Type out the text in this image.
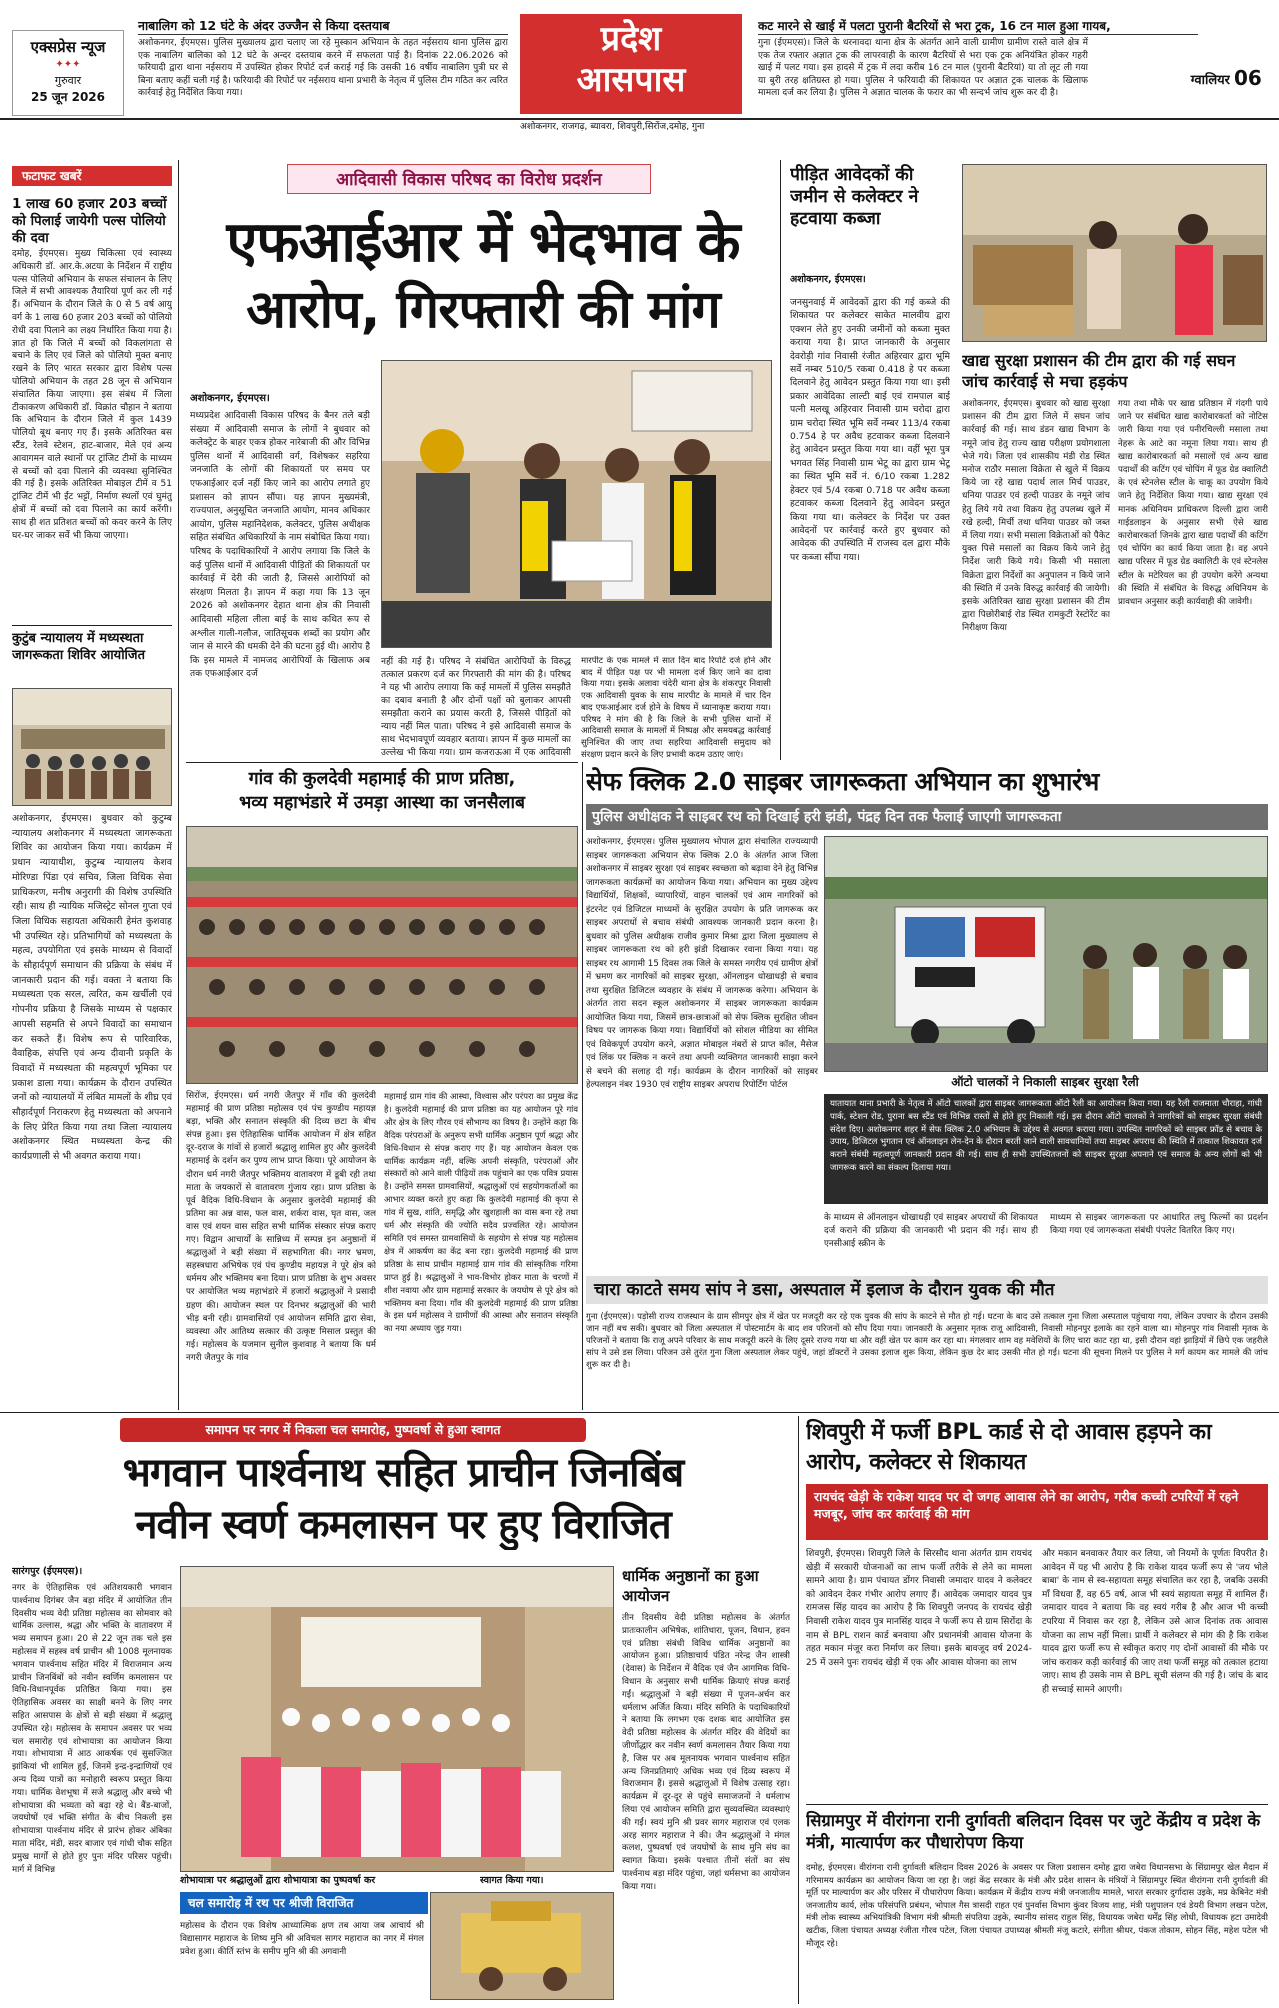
एक्सप्रेस न्यूज
✦✦✦
गुरुवार
25 जून 2026
नाबालिग को 12 घंटे के अंदर उज्जैन से किया दस्तयाब
अशोकनगर, ईएमएस। पुलिस मुख्यालय द्वारा चलाए जा रहे मुस्कान अभियान के तहत नईसराय थाना पुलिस द्वारा एक नाबालिग बालिका को 12 घंटे के अन्दर दस्तयाब करने में सफलता पाई है। दिनांक 22.06.2026 को फरियादी द्वारा थाना नईसराय में उपस्थित होकर रिपोर्ट दर्ज कराई गई कि उसकी 16 वर्षीय नाबालिग पुत्री घर से बिना बताए कहीं चली गई है। फरियादी की रिपोर्ट पर नईसराय थाना प्रभारी के नेतृत्व में पुलिस टीम गठित कर त्वरित कार्रवाई हेतु निर्देशित किया गया।
प्रदेश
आसपास
कट मारने से खाई में पलटा पुरानी बैटरियों से भरा ट्रक, 16 टन माल हुआ गायब,
गुना (ईएमएस)। जिले के धरनावदा थाना क्षेत्र के अंतर्गत आने वाली ग्रामीण ग्रामीण रास्ते वाले क्षेत्र में एक तेज रफ्तार अज्ञात ट्रक की लापरवाही के कारण बैटरियों से भरा एक ट्रक अनियंत्रित होकर गहरी खाई में पलट गया। इस हादसे में ट्रक में लदा करीब 16 टन माल (पुरानी बैटरियां) या तो लूट ली गया या बुरी तरह क्षतिग्रस्त हो गया। पुलिस ने फरियादी की शिकायत पर अज्ञात ट्रक चालक के खिलाफ मामला दर्ज कर लिया है। पुलिस ने अज्ञात चालक के फरार का भी सन्दर्भ जांच शुरू कर दी है।
ग्वालियर 06
अशोकनगर, राजगढ़, ब्यावरा, शिवपुरी,सिरोंज,दमोह, गुना
फटाफट खबरें
1 लाख 60 हजार 203 बच्चों को पिलाई जायेगी पल्स पोलियो की दवा
दमोह, ईएमएस। मुख्य चिकित्सा एवं स्वास्थ्य अधिकारी डॉ. आर.के.अटया के निर्देशन में राष्ट्रीय पल्स पोलियो अभियान के सफल संचालन के लिए जिले में सभी आवश्यक तैयारियां पूर्ण कर ली गई हैं। अभियान के दौरान जिले के 0 से 5 वर्ष आयु वर्ग के 1 लाख 60 हजार 203 बच्चों को पोलियो रोधी दवा पिलाने का लक्ष्य निर्धारित किया गया है। ज्ञात हो कि जिले में बच्चों को विकलांगता से बचाने के लिए एवं जिले को पोलियो मुक्त बनाए रखने के लिए भारत सरकार द्वारा विशेष पल्स पोलियो अभियान के तहत 28 जून से अभियान संचालित किया जाएगा। इस संबंध में जिला टीकाकरण अधिकारी डॉ. विक्रांत चौहान ने बताया कि अभियान के दौरान जिले में कुल 1439 पोलियो बूथ बनाए गए हैं। इसके अतिरिक्त बस स्टैंड, रेलवे स्टेशन, हाट-बाजार, मेले एवं अन्य आवागमन वाले स्थानों पर ट्रांजिट टीमों के माध्यम से बच्चों को दवा पिलाने की व्यवस्था सुनिश्चित की गई है। इसके अतिरिक्त मोबाइल टीमें व 51 ट्रांजिट टीमें भी ईंट भट्टों, निर्माण स्थलों एवं घुमंतु क्षेत्रों में बच्चों को दवा पिलाने का कार्य करेंगी। साथ ही शत प्रतिशत बच्चों को कवर करने के लिए घर-घर जाकर सर्वे भी किया जाएगा।
कुटुंब न्यायालय में मध्यस्थता जागरूकता शिविर आयोजित
अशोकनगर, ईएमएस। बुधवार को कुटुम्ब न्यायालय अशोकनगर में मध्यस्थता जागरूकता शिविर का आयोजन किया गया। कार्यक्रम में प्रधान न्यायाधीश, कुटुम्ब न्यायालय केशव मोरिण्डा पिंडा एवं सचिव, जिला विधिक सेवा प्राधिकरण, मनीष अनुरागी की विशेष उपस्थिति रही। साथ ही न्यायिक मजिस्ट्रेट सोनल गुप्ता एवं जिला विधिक सहायता अधिकारी हेमंत कुशवाह भी उपस्थित रहे। प्रतिभागियों को मध्यस्थता के महत्व, उपयोगिता एवं इसके माध्यम से विवादों के सौहार्दपूर्ण समाधान की प्रक्रिया के संबंध में जानकारी प्रदान की गई। वक्ता ने बताया कि मध्यस्थता एक सरल, त्वरित, कम खर्चीली एवं गोपनीय प्रक्रिया है जिसके माध्यम से पक्षकार आपसी सहमति से अपने विवादों का समाधान कर सकते हैं। विशेष रूप से पारिवारिक, वैवाहिक, संपत्ति एवं अन्य दीवानी प्रकृति के विवादों में मध्यस्थता की महत्वपूर्ण भूमिका पर प्रकाश डाला गया। कार्यक्रम के दौरान उपस्थित जनों को न्यायालयों में लंबित मामलों के शीघ्र एवं सौहार्दपूर्ण निराकरण हेतु मध्यस्थता को अपनाने के लिए प्रेरित किया गया तथा जिला न्यायालय अशोकनगर स्थित मध्यस्थता केन्द्र की कार्यप्रणाली से भी अवगत कराया गया।
आदिवासी विकास परिषद का विरोध प्रदर्शन
एफआईआर में भेदभाव के
आरोप, गिरफ्तारी की मांग
अशोकनगर, ईएमएस।
मध्यप्रदेश आदिवासी विकास परिषद के बैनर तले बड़ी संख्या में आदिवासी समाज के लोगों ने बुधवार को कलेक्ट्रेट के बाहर एकत्र होकर नारेबाजी की और विभिन्न पुलिस थानों में आदिवासी वर्ग, विशेषकर सहरिया जनजाति के लोगों की शिकायतों पर समय पर एफआईआर दर्ज नहीं किए जाने का आरोप लगाते हुए प्रशासन को ज्ञापन सौंपा। यह ज्ञापन मुख्यमंत्री, राज्यपाल, अनुसूचित जनजाति आयोग, मानव अधिकार आयोग, पुलिस महानिदेशक, कलेक्टर, पुलिस अधीक्षक सहित संबंधित अधिकारियों के नाम संबोधित किया गया। परिषद के पदाधिकारियों ने आरोप लगाया कि जिले के कई पुलिस थानों में आदिवासी पीड़ितों की शिकायतों पर कार्रवाई में देरी की जाती है, जिससे आरोपियों को संरक्षण मिलता है। ज्ञापन में कहा गया कि 13 जून 2026 को अशोकनगर देहात थाना क्षेत्र की निवासी आदिवासी महिला लीला बाई के साथ कथित रूप से अश्लील गाली-गलौज, जातिसूचक शब्दों का प्रयोग और जान से मारने की धमकी देने की घटना हुई थी। आरोप है कि इस मामले में नामजद आरोपियों के खिलाफ अब तक एफआईआर दर्ज
नहीं की गई है। परिषद ने संबंधित आरोपियों के विरुद्ध तत्काल प्रकरण दर्ज कर गिरफ्तारी की मांग की है। परिषद ने यह भी आरोप लगाया कि कई मामलों में पुलिस समझौते का दबाव बनाती है और दोनों पक्षों को बुलाकर आपसी समझौता कराने का प्रयास करती है, जिससे पीड़ितों को न्याय नहीं मिल पाता। परिषद ने इसे आदिवासी समाज के साथ भेदभावपूर्ण व्यवहार बताया। ज्ञापन में कुछ मामलों का उल्लेख भी किया गया। ग्राम कजराऊआ में एक आदिवासी
मारपीट के एक मामले में सात दिन बाद रिपोर्ट दर्ज होने और बाद में पीड़ित पक्ष पर भी मामला दर्ज किए जाने का दावा किया गया। इसके अलावा चंदेरी थाना क्षेत्र के शंकरपुर निवासी एक आदिवासी युवक के साथ मारपीट के मामले में चार दिन बाद एफआईआर दर्ज होने के विषय में ध्यानाकृष्ट कराया गया। परिषद ने मांग की है कि जिले के सभी पुलिस थानों में आदिवासी समाज के मामलों में निष्पक्ष और समयबद्ध कार्रवाई सुनिश्चित की जाए तथा सहरिया आदिवासी समुदाय को संरक्षण प्रदान करने के लिए प्रभावी कदम उठाए जाएं।
पीड़ित आवेदकों की जमीन से कलेक्टर ने हटवाया कब्जा
अशोकनगर, ईएमएस।
जनसुनवाई में आवेदकों द्वारा की गई कब्जे की शिकायत पर कलेक्टर साकेत मालवीय द्वारा एक्शन लेते हुए उनकी जमीनों को कब्जा मुक्त कराया गया है। प्राप्त जानकारी के अनुसार देवरोड़ी गांव निवासी रंजीत अहिरवार द्वारा भूमि सर्वे नम्बर 510/5 रकबा 0.418 हे पर कब्जा दिलवाने हेतु आवेदन प्रस्तुत किया गया था। इसी प्रकार आवेदिका लाल्टी बाई एवं रामपाल बाई पत्नी मलखू अहिरवार निवासी ग्राम चरोदा द्वारा ग्राम चरोदा स्थित भूमि सर्वे नम्बर 113/4 रकबा 0.754 हे पर अवैध हटवाकर कब्जा दिलवाने हेतु आवेदन प्रस्तुत किया गया था। वहीं भूरा पुत्र भगवत सिंह निवासी ग्राम भेटू का द्वारा ग्राम भेटू का स्थित भूमि सर्वे नं. 6/10 रकबा 1.282 हेक्टर एवं 5/4 रकबा 0.718 पर अवैध कब्जा हटवाकर कब्जा दिलवाने हेतु आवेदन प्रस्तुत किया गया था। कलेक्टर के निर्देश पर उक्त आवेदनों पर कार्रवाई करते हुए बुधवार को आवेदक की उपस्थिति में राजस्व दल द्वारा मौके पर कब्जा सौंपा गया।
खाद्य सुरक्षा प्रशासन की टीम द्वारा की गई सघन जांच कार्रवाई से मचा हड़कंप
अशोकनगर, ईएमएस। बुधवार को खाद्य सुरक्षा प्रशासन की टीम द्वारा जिले में सघन जांच कार्रवाई की गई। साथ डंडन खाद्य विभाग के नमूने जांच हेतु राज्य खाद्य परीक्षण प्रयोगशाला भेजे गये। जिला एवं शासकीय मंडी रोड स्थित मनोज राठौर मसाला विक्रेता से खुले में विक्रय किये जा रहे खाद्य पदार्थ लाल मिर्च पाउडर, धनिया पाउडर एवं हल्दी पाउडर के नमूने जांच हेतु लिये गये तथा विक्रय हेतु उपलब्ध खुले में रखे हल्दी, मिर्ची तथा धनिया पाउडर को जब्त में लिया गया। सभी मसाला विक्रेताओं को पैकेट युक्त पिसे मसालों का विक्रय किये जाने हेतु निर्देश जारी किये गये। किसी भी मसाला विक्रेता द्वारा निर्देशों का अनुपालन न किये जाने की स्थिति में उनके विरुद्ध कार्रवाई की जायेगी। इसके अतिरिक्त खाद्य सुरक्षा प्रशासन की टीम द्वारा पिछोरीबाई रोड स्थित रामकुटी रेस्टोरेंट का निरीक्षण किया
गया तथा मौके पर खाद्य प्रतिष्ठान में गंदगी पाये जाने पर संबंधित खाद्य कारोबारकर्ता को नोटिस जारी किया गया एवं पनीरचिल्ली मसाला तथा नेहरू के आटे का नमूना लिया गया। साथ ही खाद्य कारोबारकर्ता को मसालों एवं अन्य खाद्य पदार्थों की कटिंग एवं चोपिंग में फूड ग्रेड क्वालिटी के एवं स्टेनलेस स्टील के चाकू का उपयोग किये जाने हेतु निर्देशित किया गया। खाद्य सुरक्षा एवं मानक अधिनियम प्राधिकरण दिल्ली द्वारा जारी गाईडलाइन के अनुसार सभी ऐसे खाद्य कारोबारकर्ता जिनके द्वारा खाद्य पदार्थों की कटिंग एवं चोपिंग का कार्य किया जाता है। वह अपने खाद्य परिसर में फूड ग्रेड क्वालिटी के एवं स्टेनलेस स्टील के मटेरियल का ही उपयोग करेंगे अन्यथा की स्थिति में संबंधित के विरुद्ध अधिनियम के प्रावधान अनुसार कड़ी कार्यवाही की जावेगी।
गांव की कुलदेवी महामाई की प्राण प्रतिष्ठा,
भव्य महाभंडारे में उमड़ा आस्था का जनसैलाब
सिरोंज, ईएमएस। धर्म नगरी जैतपुर में गाँव की कुलदेवी महामाई की प्राण प्रतिष्ठा महोत्सव एवं पंच कुण्डीय महायज्ञ बड़ा, भक्ति और सनातन संस्कृति की दिव्य छटा के बीच संपन्न हुआ। इस ऐतिहासिक धार्मिक आयोजन में क्षेत्र सहित दूर-दराज के गांवों से हजारों श्रद्धालु शामिल हुए और कुलदेवी महामाई के दर्शन कर पुण्य लाभ प्राप्त किया। पूरे आयोजन के दौरान धर्म नगरी जैतपुर भक्तिमय वातावरण में डूबी रही तथा माता के जयकारों से वातावरण गुंजाय रहा। प्राण प्रतिष्ठा के पूर्व वैदिक विधि-विधान के अनुसार कुलदेवी महामाई की प्रतिमा का अन्न वास, फल वास, शर्करा वास, घृत वास, जल वास एवं शयन वास सहित सभी धार्मिक संस्कार संपन्न कराए गए। विद्वान आचार्यों के सान्निध्य में सम्पन्न इन अनुष्ठानों में श्रद्धालुओं ने बड़ी संख्या में सहभागिता की। नगर भ्रमण, सहस्त्रधारा अभिषेक एवं पंच कुण्डीय महायज्ञ ने पूरे क्षेत्र को धर्ममय और भक्तिमय बना दिया। प्राण प्रतिष्ठा के शुभ अवसर पर आयोजित भव्य महाभंडारे में हजारों श्रद्धालुओं ने प्रसादी ग्रहण की। आयोजन स्थल पर दिनभर श्रद्धालुओं की भारी भीड़ बनी रही। ग्रामवासियों एवं आयोजन समिति द्वारा सेवा, व्यवस्था और आतिथ्य सत्कार की उत्कृष्ट मिसाल प्रस्तुत की गई। महोत्सव के यजमान सुनील कुशवाह ने बताया कि धर्म नगरी जैतपुर के गांव
महामाई ग्राम गांव की आस्था, विश्वास और परंपरा का प्रमुख केंद्र है। कुलदेवी महामाई की प्राण प्रतिष्ठा का यह आयोजन पूरे गांव और क्षेत्र के लिए गौरव एवं सौभाग्य का विषय है। उन्होंने कहा कि वैदिक परंपराओं के अनुरूप सभी धार्मिक अनुष्ठान पूर्ण श्रद्धा और विधि-विधान से संपन्न कराए गए हैं। यह आयोजन केवल एक धार्मिक कार्यक्रम नहीं, बल्कि अपनी संस्कृति, परंपराओं और संस्कारों को आने वाली पीढ़ियों तक पहुंचाने का एक पवित्र प्रयास है। उन्होंने समस्त ग्रामवासियों, श्रद्धालुओं एवं सहयोगकर्ताओं का आभार व्यक्त करते हुए कहा कि कुलदेवी महामाई की कृपा से गांव में सुख, शांति, समृद्धि और खुशहाली का वास बना रहे तथा धर्म और संस्कृति की ज्योति सदैव प्रज्वलित रहे। आयोजन समिति एवं समस्त ग्रामवासियों के सहयोग से संपन्न यह महोत्सव क्षेत्र में आकर्षण का केंद्र बना रहा। कुलदेवी महामाई की प्राण प्रतिष्ठा के साथ प्राचीन महामाई ग्राम गांव की सांस्कृतिक गरिमा प्राप्त हुई है। श्रद्धालुओं ने भाव-विभोर होकर माता के चरणों में शीश नवाया और ग्राम महामाई सरकार के जयघोष से पूरे क्षेत्र को भक्तिमय बना दिया। गाँव की कुलदेवी महामाई की प्राण प्रतिष्ठा के इस धर्म महोत्सव ने ग्रामीणों की आस्था और सनातन संस्कृति का नया अध्याय जुड़ गया।
सेफ क्लिक 2.0 साइबर जागरूकता अभियान का शुभारंभ
पुलिस अधीक्षक ने साइबर रथ को दिखाई हरी झंडी, पंद्रह दिन तक फैलाई जाएगी जागरूकता
अशोकनगर, ईएमएस। पुलिस मुख्यालय भोपाल द्वारा संचालित राज्यव्यापी साइबर जागरूकता अभियान सेफ क्लिक 2.0 के अंतर्गत आज जिला अशोकनगर में साइबर सुरक्षा एवं साइबर स्वच्छता को बढ़ावा देने हेतु विभिन्न जागरूकता कार्यक्रमों का आयोजन किया गया। अभियान का मुख्य उद्देश्य विद्यार्थियों, शिक्षकों, व्यापारियों, वाहन चालकों एवं आम नागरिकों को इंटरनेट एवं डिजिटल माध्यमों के सुरक्षित उपयोग के प्रति जागरूक कर साइबर अपराधों से बचाव संबंधी आवश्यक जानकारी प्रदान करना है। बुधवार को पुलिस अधीक्षक राजीव कुमार मिश्रा द्वारा जिला मुख्यालय से साइबर जागरूकता रथ को हरी झंडी दिखाकर रवाना किया गया। यह साइबर रथ आगामी 15 दिवस तक जिले के समस्त नगरीय एवं ग्रामीण क्षेत्रों में भ्रमण कर नागरिकों को साइबर सुरक्षा, ऑनलाइन धोखाधड़ी से बचाव तथा सुरक्षित डिजिटल व्यवहार के संबंध में जागरूक करेगा। अभियान के अंतर्गत तारा सदन स्कूल अशोकनगर में साइबर जागरूकता कार्यक्रम आयोजित किया गया, जिसमें छात्र-छात्राओं को सेफ क्लिक सुरक्षित जीवन विषय पर जागरूक किया गया। विद्यार्थियों को सोशल मीडिया का सीमित एवं विवेकपूर्ण उपयोग करने, अज्ञात मोबाइल नंबरों से प्राप्त कॉल, मैसेज एवं लिंक पर क्लिक न करने तथा अपनी व्यक्तिगत जानकारी साझा करने से बचने की सलाह दी गई। कार्यक्रम के दौरान नागरिकों को साइबर हेल्पलाइन नंबर 1930 एवं राष्ट्रीय साइबर अपराध रिपोर्टिंग पोर्टल	ऑटो चालकों ने निकाली साइबर सुरक्षा रैली
यातायात थाना प्रभारी के नेतृत्व में ऑटो चालकों द्वारा साइबर जागरूकता ऑटो रैली का आयोजन किया गया। यह रैली राजमाता चौराहा, गांधी पार्क, स्टेशन रोड, पुराना बस स्टैंड एवं विभिन्न रास्तों से होते हुए निकाली गई। इस दौरान ऑटो चालकों ने नागरिकों को साइबर सुरक्षा संबंधी संदेश दिए। अशोकनगर शहर में सेफ क्लिक 2.0 अभियान के उद्देश्य से अवगत कराया गया। उपस्थित नागरिकों को साइबर फ्रॉड से बचाव के उपाय, डिजिटल भुगतान एवं ऑनलाइन लेन-देन के दौरान बरती जाने वाली सावधानियों तथा साइबर अपराध की स्थिति में तत्काल शिकायत दर्ज कराने संबंधी महत्वपूर्ण जानकारी प्रदान की गई। साथ ही सभी उपस्थितजनों को साइबर सुरक्षा अपनाने एवं समाज के अन्य लोगों को भी जागरूक करने का संकल्प दिलाया गया।
के माध्यम से ऑनलाइन धोखाधड़ी एवं साइबर अपराधों की शिकायत दर्ज कराने की प्रक्रिया की जानकारी भी प्रदान की गई। साथ ही एनसीआई स्क्रीन के
माध्यम से साइबर जागरूकता पर आधारित लघु फिल्मों का प्रदर्शन किया गया एवं जागरूकता संबंधी पंपलेट वितरित किए गए।
चारा काटते समय सांप ने डसा, अस्पताल में इलाज के दौरान युवक की मौत
गुना (ईएमएस)। पड़ोसी राज्य राजस्थान के ग्राम सीमपुर क्षेत्र में खेत पर मजदूरी कर रहे एक युवक की सांप के काटने से मौत हो गई। घटना के बाद उसे तत्काल गुना जिला अस्पताल पहुंचाया गया, लेकिन उपचार के दौरान उसकी जान नहीं बच सकी। बुधवार को जिला अस्पताल में पोस्टमार्टम के बाद शव परिजनों को सौंप दिया गया। जानकारी के अनुसार मृतक राजू आदिवासी, निवासी मोहनपुर इलाके का रहने वाला था। मोहनपुर गांव निवासी मृतक के परिजनों ने बताया कि राजू अपने परिवार के साथ मजदूरी करने के लिए दूसरे राज्य गया था और वहीं खेत पर काम कर रहा था। मंगलवार शाम वह मवेशियों के लिए चारा काट रहा था, इसी दौरान वहां झाड़ियों में छिपे एक जहरीले सांप ने उसे डस लिया। परिजन उसे तुरंत गुना जिला अस्पताल लेकर पहुंचे, जहां डॉक्टरों ने उसका इलाज शुरू किया, लेकिन कुछ देर बाद उसकी मौत हो गई। घटना की सूचना मिलने पर पुलिस ने मर्ग कायम कर मामले की जांच शुरू कर दी है।
समापन पर नगर में निकला चल समारोह, पुष्पवर्षा से हुआ स्वागत
भगवान पार्श्वनाथ सहित प्राचीन जिनबिंब
नवीन स्वर्ण कमलासन पर हुए विराजित
सारंगपुर (ईएमएस)।
नगर के ऐतिहासिक एवं अतिशयकारी भगवान पार्श्वनाथ दिगंबर जैन बड़ा मंदिर में आयोजित तीन दिवसीय भव्य वेदी प्रतिष्ठा महोत्सव का सोमवार को धार्मिक उल्लास, श्रद्धा और भक्ति के वातावरण में भव्य समापन हुआ। 20 से 22 जून तक चले इस महोत्सव में सहस्त्र वर्ष प्राचीन श्री 1008 मूलनायक भगवान पार्श्वनाथ सहित मंदिर में विराजमान अन्य प्राचीन जिनबिंबों को नवीन स्वर्णिम कमलासन पर विधि-विधानपूर्वक प्रतिष्ठित किया गया। इस ऐतिहासिक अवसर का साक्षी बनने के लिए नगर सहित आसपास के क्षेत्रों से बड़ी संख्या में श्रद्धालु उपस्थित रहे। महोत्सव के समापन अवसर पर भव्य चल समारोह एवं शोभायात्रा का आयोजन किया गया। शोभायात्रा में आठ आकर्षक एवं सुसज्जित झांकियां भी शामिल हुईं, जिनमें इन्द्र-इन्द्राणियों एवं अन्य दिव्य पात्रों का मनोहारी स्वरूप प्रस्तुत किया गया। धार्मिक वेशभूषा में सजे श्रद्धालु और बच्चे भी शोभायात्रा की भव्यता को बढ़ा रहे थे। बैंड-बाजों, जयघोषों एवं भक्ति संगीत के बीच निकली इस शोभायात्रा पार्श्वनाथ मंदिर से प्रारंभ होकर अंबिका माता मंदिर, मंडी, सदर बाजार एवं गांधी चौक सहित प्रमुख मार्गों से होते हुए पुनः मंदिर परिसर पहुंची। मार्ग में विभिन्न
शोभायात्रा पर श्रद्धालुओं द्वारा शोभायात्रा का पुष्पवर्षा कर	स्वागत किया गया।
चल समारोह में रथ पर श्रीजी विराजित
महोत्सव के दौरान एक विशेष आध्यात्मिक क्षण तब आया जब आचार्य श्री विद्यासागर महाराज के शिष्य मुनि श्री अविचल सागर महाराज का नगर में मंगल प्रवेश हुआ। कीर्ति स्तंभ के समीप मुनि श्री की अगवानी
धार्मिक अनुष्ठानों का हुआ आयोजन
तीन दिवसीय वेदी प्रतिष्ठा महोत्सव के अंतर्गत प्रातःकालीन अभिषेक, शांतिधारा, पूजन, विधान, हवन एवं प्रतिष्ठा संबंधी विविध धार्मिक अनुष्ठानों का आयोजन हुआ। प्रतिष्ठाचार्य पंडित नरेन्द्र जैन शास्त्री (देवास) के निर्देशन में वैदिक एवं जैन आगमिक विधि-विधान के अनुसार सभी धार्मिक क्रियाएं संपन्न कराई गईं। श्रद्धालुओं ने बड़ी संख्या में पूजन-अर्चन कर धर्मलाभ अर्जित किया। मंदिर समिति के पदाधिकारियों ने बताया कि लगभग एक दशक बाद आयोजित इस वेदी प्रतिष्ठा महोत्सव के अंतर्गत मंदिर की वेदियों का जीर्णोद्धार कर नवीन स्वर्ण कमलासन तैयार किया गया है, जिस पर अब मूलनायक भगवान पार्श्वनाथ सहित अन्य जिनप्रतिमाएं अधिक भव्य एवं दिव्य स्वरूप में विराजमान हैं। इससे श्रद्धालुओं में विशेष उत्साह रहा। कार्यक्रम में दूर-दूर से पहुंचे समाजजनों ने धर्मलाभ लिया एवं आयोजन समिति द्वारा सुव्यवस्थित व्यवस्थाएं की गईं। स्वयं मुनि श्री प्रवर सागर महाराज एवं एलक अरह सागर महाराज ने की। जैन श्रद्धालुओं ने मंगल कलश, पुष्पवर्षा एवं जयघोषों के साथ मुनि संघ का स्वागत किया। इसके पश्चात तीनों संतों का संघ पार्श्वनाथ बड़ा मंदिर पहुंचा, जहां धर्मसभा का आयोजन किया गया।
शिवपुरी में फर्जी BPL कार्ड से दो आवास हड़पने का आरोप, कलेक्टर से शिकायत
रायचंद खेड़ी के राकेश यादव पर दो जगह आवास लेने का आरोप, गरीब कच्ची टपरियों में रहने मजबूर, जांच कर कार्रवाई की मांग
शिवपुरी, ईएमएस। शिवपुरी जिले के सिरसौद थाना अंतर्गत ग्राम रायचंद खेड़ी में सरकारी योजनाओं का लाभ फर्जी तरीके से लेने का मामला सामने आया है। ग्राम पंचायत डोंगर निवासी जमादार यादव ने कलेक्टर को आवेदन देकर गंभीर आरोप लगाए हैं। आवेदक जमादार यादव पुत्र रामजस सिंह यादव का आरोप है कि शिवपुरी जनपद के रायचंद खेड़ी निवासी राकेश यादव पुत्र मानसिंह यादव ने फर्जी रूप से ग्राम सिरोंदा के नाम से BPL राशन कार्ड बनवाया और प्रधानमंत्री आवास योजना के तहत मकान मंजूर करा निर्माण कर लिया। इसके बावजूद वर्ष 2024-25 में उसने पुनः रायचंद खेड़ी में एक और आवास योजना का लाभ
और मकान बनवाकर तैयार कर लिया, जो नियमों के पूर्णतः विपरीत है। आवेदन में यह भी आरोप है कि राकेश यादव फर्जी रूप से 'जय भोले बाबा' के नाम से स्व-सहायता समूह संचालित कर रहा है, जबकि उसकी माँ विधवा हैं, वह 65 वर्ष, आज भी स्वयं सहायता समूह में शामिल हैं। जमादार यादव ने बताया कि वह स्वयं गरीब है और आज भी कच्ची टपरिया में निवास कर रहा है, लेकिन उसे आज दिनांक तक आवास योजना का लाभ नहीं मिला। प्रार्थी ने कलेक्टर से मांग की है कि राकेश यादव द्वारा फर्जी रूप से स्वीकृत कराए गए दोनों आवासों की मौके पर जांच कराकर कड़ी कार्रवाई की जाए तथा फर्जी समूह को तत्काल हटाया जाए। साथ ही उसके नाम से BPL सूची संलग्न की गई है। जांच के बाद ही सच्चाई सामने आएगी।
सिग्रामपुर में वीरांगना रानी दुर्गावती बलिदान दिवस पर जुटे केंद्रीय व प्रदेश के मंत्री, मात्यार्पण कर पौधारोपण किया
दमोह, ईएमएस। वीरांगना रानी दुर्गावती बलिदान दिवस 2026 के अवसर पर जिला प्रशासन दमोह द्वारा जबेरा विधानसभा के सिंग्रामपुर खेल मैदान में गरिमामय कार्यक्रम का आयोजन किया जा रहा है। जहां केंद्र सरकार के मंत्री और प्रदेश शासन के मंत्रियों ने सिंग्रामपुर स्थित वीरांगना रानी दुर्गावती की मूर्ति पर माल्यार्पण कर और परिसर में पौधारोपण किया। कार्यक्रम में केंद्रीय राज्य मंत्री जनजातीय मामले, भारत सरकार दुर्गादास उइके, मप्र केबिनेट मंत्री जनजातीय कार्य, लोक परिसंपत्ति प्रबंधन, भोपाल गैस त्रासदी राहत एवं पुनर्वास विभाग कुंवर विजय शाह, मंत्री पशुपालन एवं डेयरी विभाग लखन पटेल, मंत्री लोक स्वास्थ्य अभियांत्रिकी विभाग मंत्री श्रीमती संपतिया उइके, स्थानीय सांसद राहुल सिंह, विधायक जबेरा धर्मेंद्र सिंह लोधी, विधायक हटा उमादेवी खटीक, जिला पंचायत अध्यक्ष रंजीता गौरव पटेल, जिला पंचायत उपाध्यक्ष श्रीमती मंजू कटारे, संगीता श्रीधर, पंकज तोकाम, सोहन सिंह, महेश पटेल भी मौजूद रहे।
